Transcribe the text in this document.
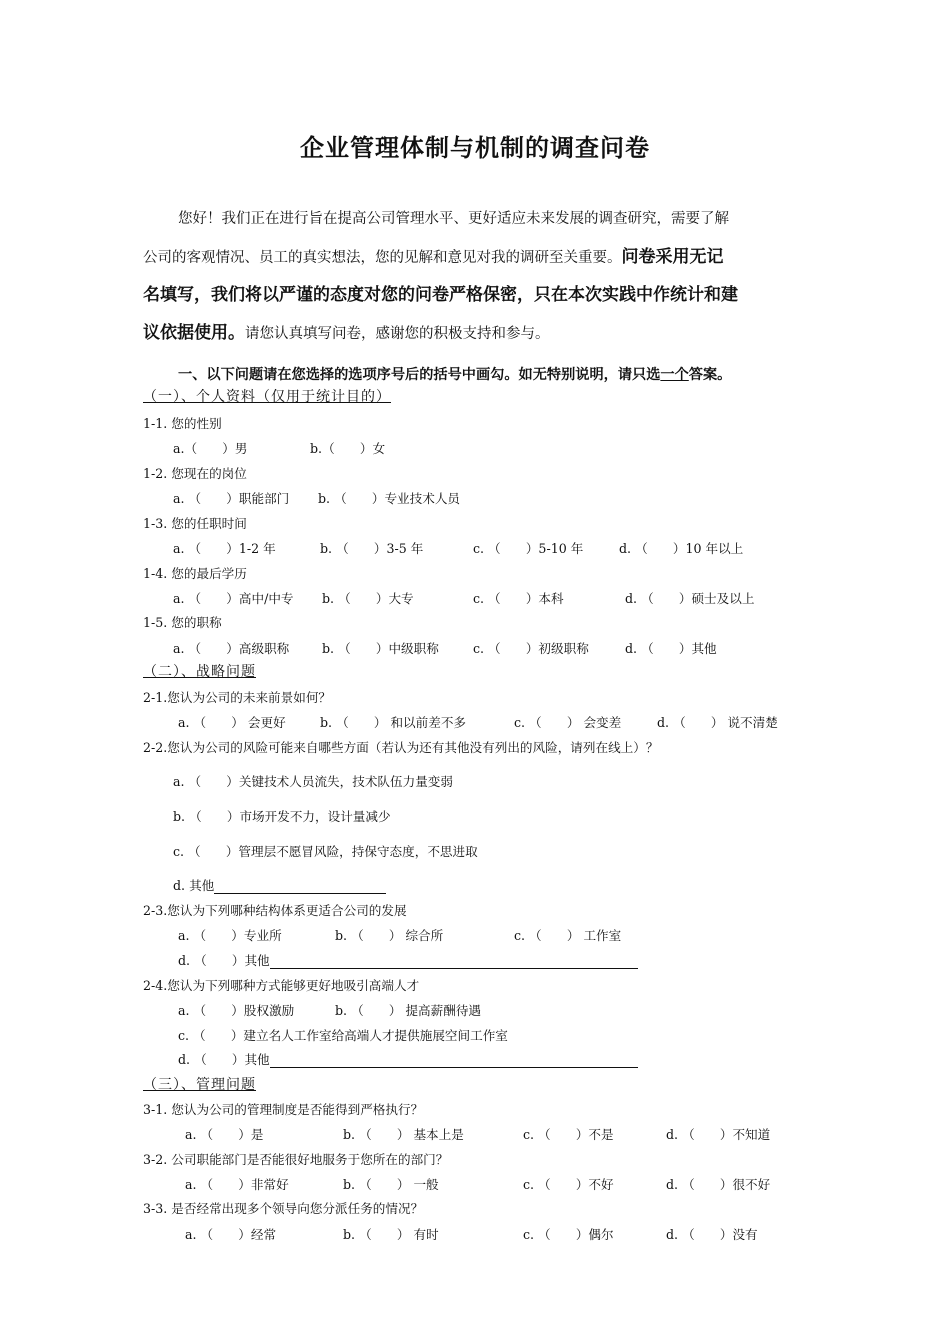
企业管理体制与机制的调查问卷
您好！我们正在进行旨在提高公司管理水平、更好适应未来发展的调查研究，需要了解
公司的客观情况、员工的真实想法，您的见解和意见对我的调研至关重要。问卷采用无记
名填写，我们将以严谨的态度对您的问卷严格保密，只在本次实践中作统计和建
议依据使用。请您认真填写问卷，感谢您的积极支持和参与。
一、以下问题请在您选择的选项序号后的括号中画勾。如无特别说明，请只选一个答案。
（一）、个人资料（仅用于统计目的）
1-1. 您的性别
a.（　　）男	b.（　　）女
1-2. 您现在的岗位
a. （　　）职能部门 b. （　　）专业技术人员
1-3. 您的任职时间
a. （　　）1-2 年	b. （　　）3-5 年	c. （　　）5-10 年	d. （　　）10 年以上
1-4. 您的最后学历
a. （　　）高中/中专 b. （　　）大专	c. （　　）本科	d. （　　）硕士及以上
1-5. 您的职称
a. （　　）高级职称	b. （　　）中级职称	c. （　　）初级职称	d. （　　）其他
（二）、战略问题
2-1.您认为公司的未来前景如何？
a. （　　） 会更好	b. （　　） 和以前差不多	c. （　　） 会变差	d. （　　） 说不清楚
2-2.您认为公司的风险可能来自哪些方面（若认为还有其他没有列出的风险，请列在线上）？
a. （　　）关键技术人员流失，技术队伍力量变弱
b. （　　）市场开发不力，设计量减少
c. （　　）管理层不愿冒风险，持保守态度，不思进取
d. 其他
2-3.您认为下列哪种结构体系更适合公司的发展
a. （　　）专业所	b. （　　） 综合所	c. （　　） 工作室
d. （　　）其他
2-4.您认为下列哪种方式能够更好地吸引高端人才
a. （　　）股权激励	b. （　　） 提高薪酬待遇
c. （　　）建立名人工作室给高端人才提供施展空间工作室
d. （　　）其他
（三）、管理问题
3-1. 您认为公司的管理制度是否能得到严格执行？
a. （　　）是	b. （　　） 基本上是	c. （　　）不是	d. （　　）不知道
3-2. 公司职能部门是否能很好地服务于您所在的部门？
a. （　　）非常好	b. （　　） 一般	c. （　　）不好	d. （　　）很不好
3-3. 是否经常出现多个领导向您分派任务的情况？
a. （　　）经常	b. （　　） 有时	c. （　　）偶尔	d. （　　）没有
